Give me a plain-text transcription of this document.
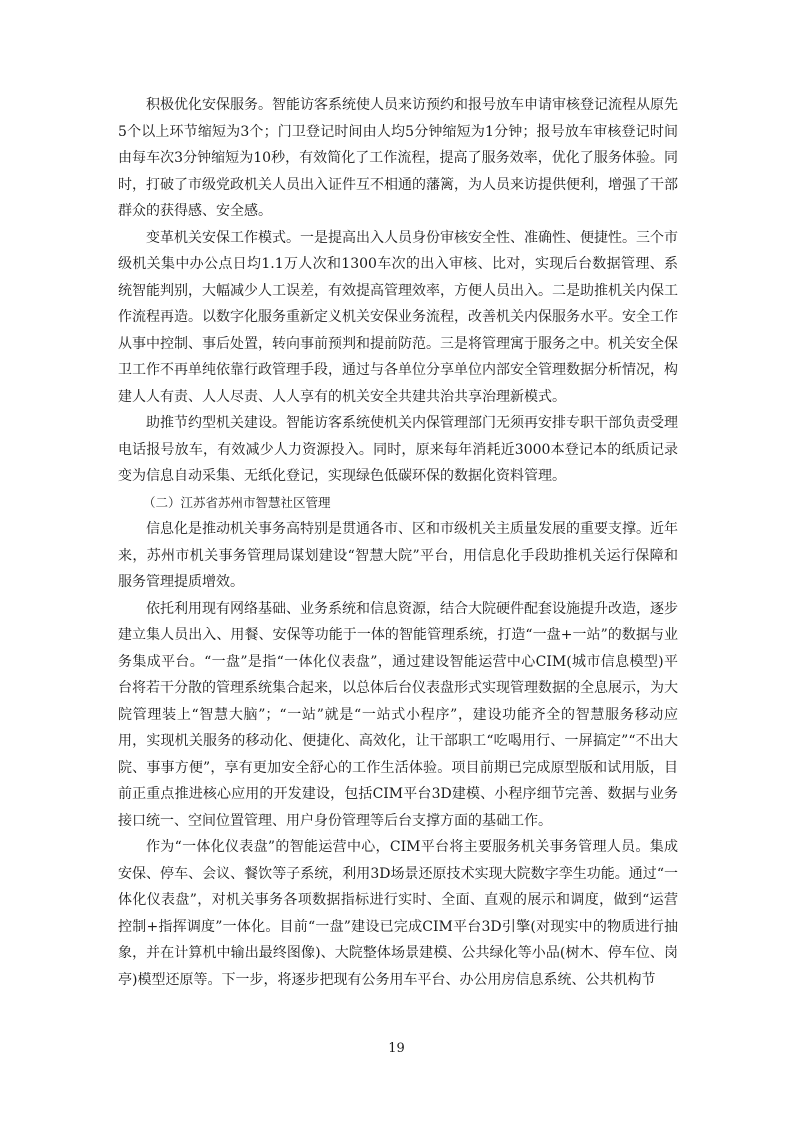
积极优化安保服务。智能访客系统使人员来访预约和报号放车申请审核登记流程从原先5个以上环节缩短为3个；门卫登记时间由人均5分钟缩短为1分钟；报号放车审核登记时间由每车次3分钟缩短为10秒，有效简化了工作流程，提高了服务效率，优化了服务体验。同时，打破了市级党政机关人员出入证件互不相通的藩篱，为人员来访提供便利，增强了干部群众的获得感、安全感。

变革机关安保工作模式。一是提高出入人员身份审核安全性、准确性、便捷性。三个市级机关集中办公点日均1.1万人次和1300车次的出入审核、比对，实现后台数据管理、系统智能判别，大幅减少人工误差，有效提高管理效率，方便人员出入。二是助推机关内保工作流程再造。以数字化服务重新定义机关安保业务流程，改善机关内保服务水平。安全工作从事中控制、事后处置，转向事前预判和提前防范。三是将管理寓于服务之中。机关安全保卫工作不再单纯依靠行政管理手段，通过与各单位分享单位内部安全管理数据分析情况，构建人人有责、人人尽责、人人享有的机关安全共建共治共享治理新模式。

助推节约型机关建设。智能访客系统使机关内保管理部门无须再安排专职干部负责受理电话报号放车，有效减少人力资源投入。同时，原来每年消耗近3000本登记本的纸质记录变为信息自动采集、无纸化登记，实现绿色低碳环保的数据化资料管理。

（二）江苏省苏州市智慧社区管理

信息化是推动机关事务高特别是贯通各市、区和市级机关主质量发展的重要支撑。近年来，苏州市机关事务管理局谋划建设“智慧大院”平台，用信息化手段助推机关运行保障和服务管理提质增效。

依托利用现有网络基础、业务系统和信息资源，结合大院硬件配套设施提升改造，逐步建立集人员出入、用餐、安保等功能于一体的智能管理系统，打造“一盘+一站”的数据与业务集成平台。“一盘”是指“一体化仪表盘”，通过建设智能运营中心CIM(城市信息模型)平台将若干分散的管理系统集合起来，以总体后台仪表盘形式实现管理数据的全息展示，为大院管理装上“智慧大脑”；“一站”就是“一站式小程序”，建设功能齐全的智慧服务移动应用，实现机关服务的移动化、便捷化、高效化，让干部职工“吃喝用行、一屏搞定”“不出大院、事事方便”，享有更加安全舒心的工作生活体验。项目前期已完成原型版和试用版，目前正重点推进核心应用的开发建设，包括CIM平台3D建模、小程序细节完善、数据与业务接口统一、空间位置管理、用户身份管理等后台支撑方面的基础工作。

作为“一体化仪表盘”的智能运营中心，CIM平台将主要服务机关事务管理人员。集成安保、停车、会议、餐饮等子系统，利用3D场景还原技术实现大院数字孪生功能。通过“一体化仪表盘”，对机关事务各项数据指标进行实时、全面、直观的展示和调度，做到“运营控制+指挥调度”一体化。目前“一盘”建设已完成CIM平台3D引擎(对现实中的物质进行抽象，并在计算机中输出最终图像)、大院整体场景建模、公共绿化等小品(树木、停车位、岗亭)模型还原等。下一步，将逐步把现有公务用车平台、办公用房信息系统、公共机构节

19
